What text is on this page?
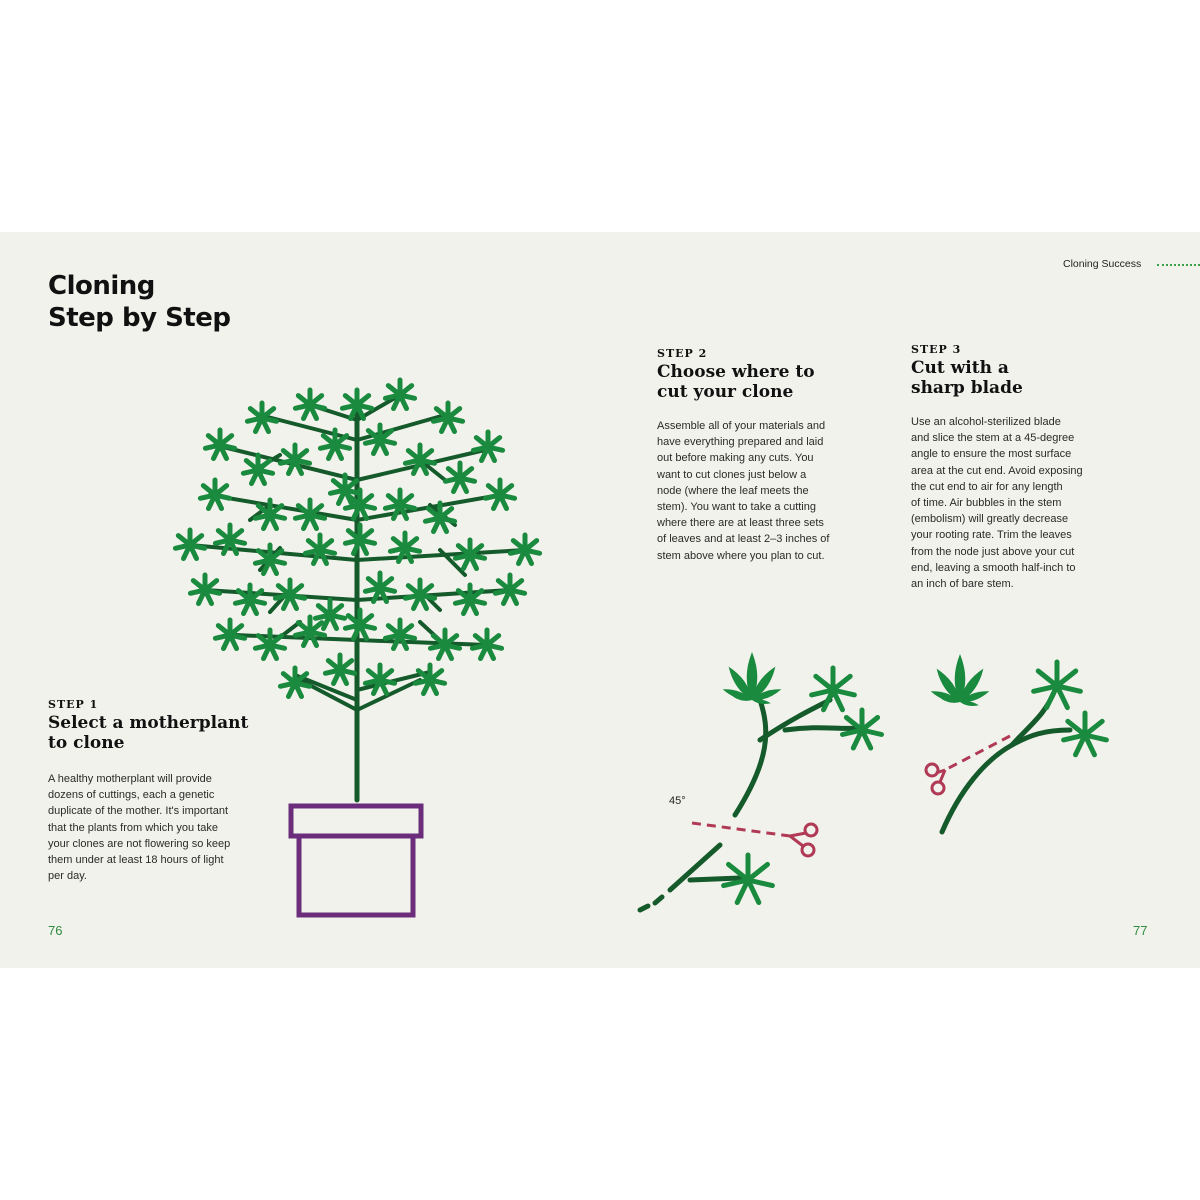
Cloning Success
Cloning
Step by Step
STEP 1
Select a motherplant
to clone
A healthy motherplant will provide
dozens of cuttings, each a genetic
duplicate of the mother. It's important
that the plants from which you take
your clones are not flowering so keep
them under at least 18 hours of light
per day.
STEP 2
Choose where to
cut your clone
Assemble all of your materials and
have everything prepared and laid
out before making any cuts. You
want to cut clones just below a
node (where the leaf meets the
stem). You want to take a cutting
where there are at least three sets
of leaves and at least 2–3 inches of
stem above where you plan to cut.
STEP 3
Cut with a
sharp blade
Use an alcohol-sterilized blade
and slice the stem at a 45-degree
angle to ensure the most surface
area at the cut end. Avoid exposing
the cut end to air for any length
of time. Air bubbles in the stem
(embolism) will greatly decrease
your rooting rate. Trim the leaves
from the node just above your cut
end, leaving a smooth half-inch to
an inch of bare stem.
45°
76	77
